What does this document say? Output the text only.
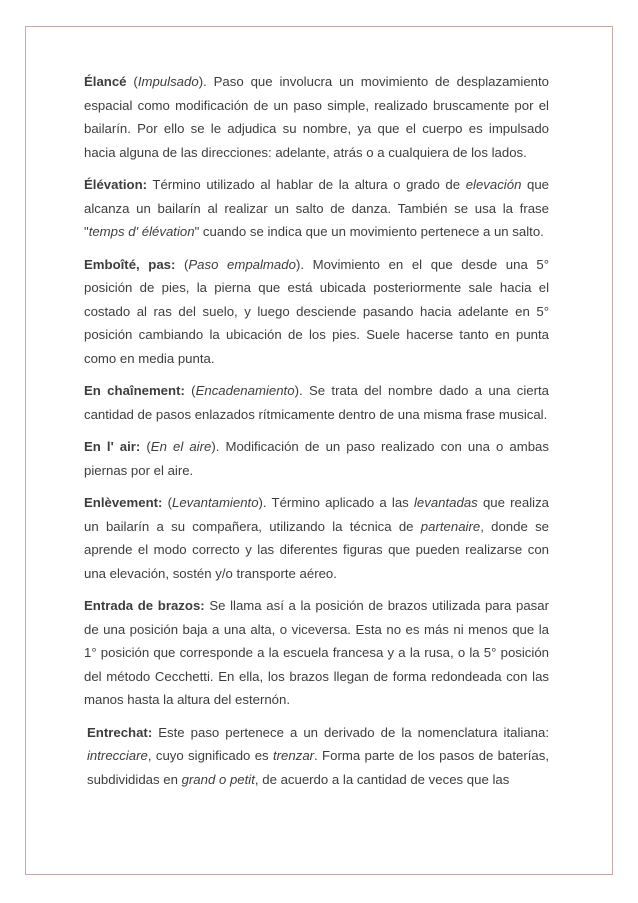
Élancé (Impulsado). Paso que involucra un movimiento de desplazamiento espacial como modificación de un paso simple, realizado bruscamente por el bailarín. Por ello se le adjudica su nombre, ya que el cuerpo es impulsado hacia alguna de las direcciones: adelante, atrás o a cualquiera de los lados.

Élévation: Término utilizado al hablar de la altura o grado de elevación que alcanza un bailarín al realizar un salto de danza. También se usa la frase "temps d' élévation" cuando se indica que un movimiento pertenece a un salto.

Emboîté, pas: (Paso empalmado). Movimiento en el que desde una 5° posición de pies, la pierna que está ubicada posteriormente sale hacia el costado al ras del suelo, y luego desciende pasando hacia adelante en 5° posición cambiando la ubicación de los pies. Suele hacerse tanto en punta como en media punta.

En chaînement: (Encadenamiento). Se trata del nombre dado a una cierta cantidad de pasos enlazados rítmicamente dentro de una misma frase musical.

En l' air: (En el aire). Modificación de un paso realizado con una o ambas piernas por el aire.

Enlèvement: (Levantamiento). Término aplicado a las levantadas que realiza un bailarín a su compañera, utilizando la técnica de partenaire, donde se aprende el modo correcto y las diferentes figuras que pueden realizarse con una elevación, sostén y/o transporte aéreo.

Entrada de brazos: Se llama así a la posición de brazos utilizada para pasar de una posición baja a una alta, o viceversa. Esta no es más ni menos que la 1° posición que corresponde a la escuela francesa y a la rusa, o la 5° posición del método Cecchetti. En ella, los brazos llegan de forma redondeada con las manos hasta la altura del esternón.

Entrechat: Este paso pertenece a un derivado de la nomenclatura italiana: intrecciare, cuyo significado es trenzar. Forma parte de los pasos de baterías, subdivididas en grand o petit, de acuerdo a la cantidad de veces que las
